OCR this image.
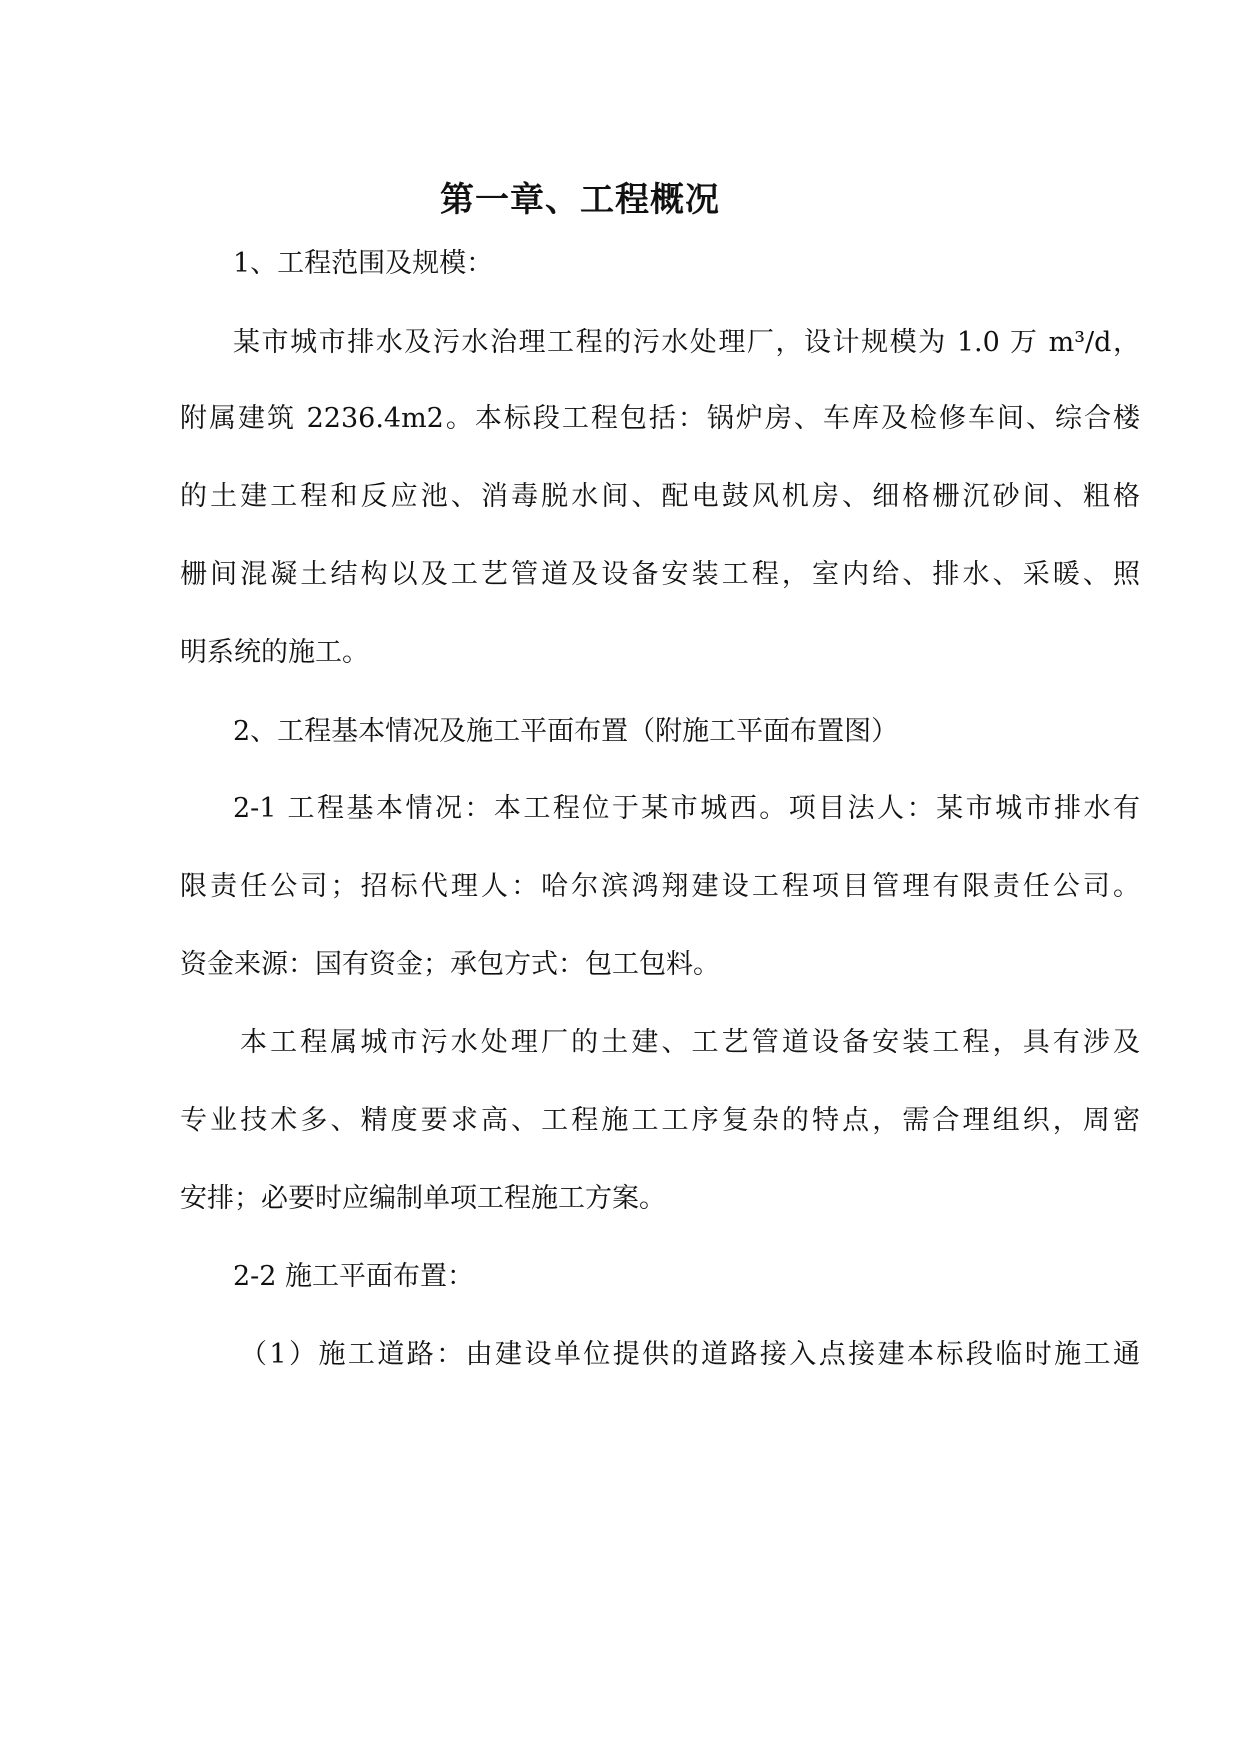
第一章、工程概况
1、工程范围及规模：
某市城市排水及污水治理工程的污水处理厂，设计规模为 1.0 万 m³/d，
附属建筑 2236.4m2。本标段工程包括：锅炉房、车库及检修车间、综合楼
的土建工程和反应池、消毒脱水间、配电鼓风机房、细格栅沉砂间、粗格
栅间混凝土结构以及工艺管道及设备安装工程，室内给、排水、采暖、照
明系统的施工。
2、工程基本情况及施工平面布置（附施工平面布置图）
2-1 工程基本情况：本工程位于某市城西。项目法人：某市城市排水有
限责任公司；招标代理人：哈尔滨鸿翔建设工程项目管理有限责任公司。
资金来源：国有资金；承包方式：包工包料。
本工程属城市污水处理厂的土建、工艺管道设备安装工程，具有涉及
专业技术多、精度要求高、工程施工工序复杂的特点，需合理组织，周密
安排；必要时应编制单项工程施工方案。
2-2 施工平面布置：
（1）施工道路：由建设单位提供的道路接入点接建本标段临时施工通
